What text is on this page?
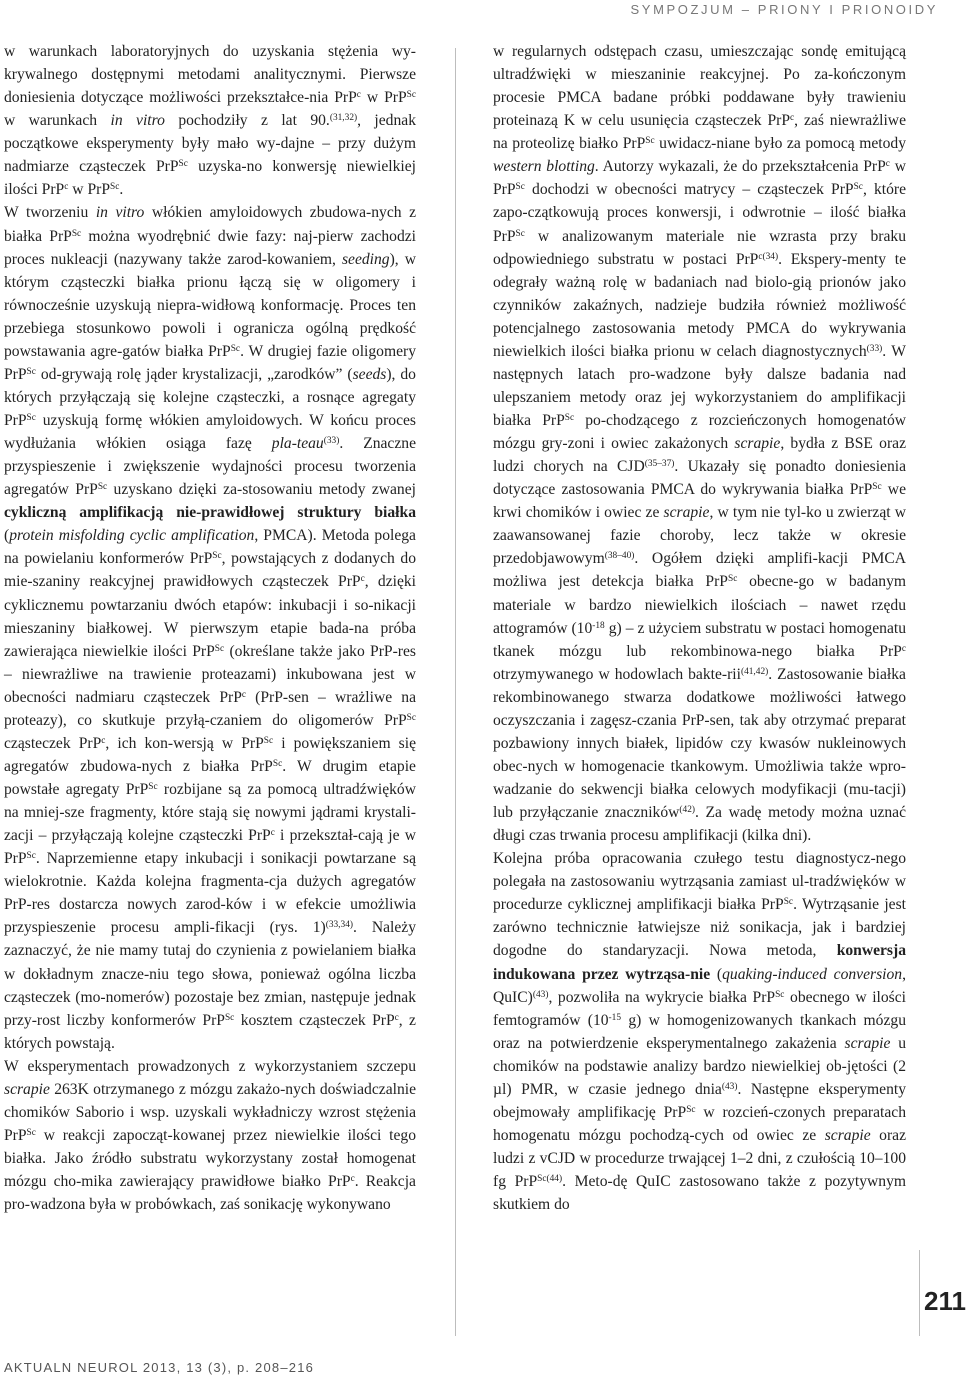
SYMPOZJUM – PRIONY I PRIONOIDY

w warunkach laboratoryjnych do uzyskania stężenia wy-krywalnego dostępnymi metodami analitycznymi. Pierwsze doniesienia dotyczące możliwości przekształce-nia PrP$^c$ w PrP$^{Sc}$ w warunkach in vitro pochodziły z lat 90.$^{(31,32)}$, jednak początkowe eksperymenty były mało wy-dajne – przy dużym nadmiarze cząsteczek PrP$^{Sc}$ uzyska-no konwersję niewielkiej ilości PrP$^c$ w PrP$^{Sc}$.

W tworzeniu in vitro włókien amyloidowych zbudowa-nych z białka PrP$^{Sc}$ można wyodrębnić dwie fazy: naj-pierw zachodzi proces nukleacji (nazywany także zarod-kowaniem, seeding), w którym cząsteczki białka prionu łączą się w oligomery i równocześnie uzyskują niepra-widłową konformację. Proces ten przebiega stosunkowo powoli i ogranicza ogólną prędkość powstawania agre-gatów białka PrP$^{Sc}$. W drugiej fazie oligomery PrP$^{Sc}$ od-grywają rolę jąder krystalizacji, „zarodków” (seeds), do których przyłączają się kolejne cząsteczki, a rosnące agregaty PrP$^{Sc}$ uzyskują formę włókien amyloidowych. W końcu proces wydłużania włókien osiąga fazę pla-teau$^{(33)}$. Znaczne przyspieszenie i zwiększenie wydajności procesu tworzenia agregatów PrP$^{Sc}$ uzyskano dzięki za-stosowaniu metody zwanej cykliczną amplifikacją nie-prawidłowej struktury białka (protein misfolding cyclic amplification, PMCA). Metoda polega na powielaniu konformerów PrP$^{Sc}$, powstających z dodanych do mie-szaniny reakcyjnej prawidłowych cząsteczek PrP$^c$, dzięki cyklicznemu powtarzaniu dwóch etapów: inkubacji i so-nikacji mieszaniny białkowej. W pierwszym etapie bada-na próba zawierająca niewielkie ilości PrP$^{Sc}$ (określane także jako PrP-res – niewrażliwe na trawienie proteazami) inkubowana jest w obecności nadmiaru cząsteczek PrP$^c$ (PrP-sen – wrażliwe na proteazy), co skutkuje przyłą-czaniem do oligomerów PrP$^{Sc}$ cząsteczek PrP$^c$, ich kon-wersją w PrP$^{Sc}$ i powiększaniem się agregatów zbudowa-nych z białka PrP$^{Sc}$. W drugim etapie powstałe agregaty PrP$^{Sc}$ rozbijane są za pomocą ultradźwięków na mniej-sze fragmenty, które stają się nowymi jądrami krystali-zacji – przyłączają kolejne cząsteczki PrP$^c$ i przekształ-cają je w PrP$^{Sc}$. Naprzemienne etapy inkubacji i sonikacji powtarzane są wielokrotnie. Każda kolejna fragmenta-cja dużych agregatów PrP-res dostarcza nowych zarod-ków i w efekcie umożliwia przyspieszenie procesu ampli-fikacji (rys. 1)$^{(33,34)}$. Należy zaznaczyć, że nie mamy tutaj do czynienia z powielaniem białka w dokładnym znacze-niu tego słowa, ponieważ ogólna liczba cząsteczek (mo-nomerów) pozostaje bez zmian, następuje jednak przy-rost liczby konformerów PrP$^{Sc}$ kosztem cząsteczek PrP$^c$, z których powstają.

W eksperymentach prowadzonych z wykorzystaniem szczepu scrapie 263K otrzymanego z mózgu zakażo-nych doświadczalnie chomików Saborio i wsp. uzyskali wykładniczy wzrost stężenia PrP$^{Sc}$ w reakcji zapocząt-kowanej przez niewielkie ilości tego białka. Jako źródło substratu wykorzystany został homogenat mózgu cho-mika zawierający prawidłowe białko PrP$^c$. Reakcja pro-wadzona była w probówkach, zaś sonikację wykonywano

w regularnych odstępach czasu, umieszczając sondę emitującą ultradźwięki w mieszaninie reakcyjnej. Po za-kończonym procesie PMCA badane próbki poddawane były trawieniu proteinazą K w celu usunięcia cząsteczek PrP$^c$, zaś niewrażliwe na proteolizę białko PrP$^{Sc}$ uwidacz-niane było za pomocą metody western blotting. Autorzy wykazali, że do przekształcenia PrP$^c$ w PrP$^{Sc}$ dochodzi w obecności matrycy – cząsteczek PrP$^{Sc}$, które zapo-czątkowują proces konwersji, i odwrotnie – ilość białka PrP$^{Sc}$ w analizowanym materiale nie wzrasta przy braku odpowiedniego substratu w postaci PrP$^{c(34)}$. Ekspery-menty te odegrały ważną rolę w badaniach nad biolo-gią prionów jako czynników zakaźnych, nadzieje budziła również możliwość potencjalnego zastosowania metody PMCA do wykrywania niewielkich ilości białka prionu w celach diagnostycznych$^{(33)}$. W następnych latach pro-wadzone były dalsze badania nad ulepszaniem metody oraz jej wykorzystaniem do amplifikacji białka PrP$^{Sc}$ po-chodzącego z rozcieńczonych homogenatów mózgu gry-zoni i owiec zakażonych scrapie, bydła z BSE oraz ludzi chorych na CJD$^{(35-37)}$. Ukazały się ponadto doniesienia dotyczące zastosowania PMCA do wykrywania białka PrP$^{Sc}$ we krwi chomików i owiec ze scrapie, w tym nie tyl-ko u zwierząt w zaawansowanej fazie choroby, lecz także w okresie przedobjawowym$^{(38-40)}$. Ogółem dzięki amplifi-kacji PMCA możliwa jest detekcja białka PrP$^{Sc}$ obecne-go w badanym materiale w bardzo niewielkich ilościach – nawet rzędu attogramów ($10^{-18}$ g) – z użyciem substratu w postaci homogenatu tkanek mózgu lub rekombinowa-nego białka PrP$^c$ otrzymywanego w hodowlach bakte-rii$^{(41,42)}$. Zastosowanie białka rekombinowanego stwarza dodatkowe możliwości łatwego oczyszczania i zagęsz-czania PrP-sen, tak aby otrzymać preparat pozbawiony innych białek, lipidów czy kwasów nukleinowych obec-nych w homogenacie tkankowym. Umożliwia także wpro-wadzanie do sekwencji białka celowych modyfikacji (mu-tacji) lub przyłączanie znaczników$^{(42)}$. Za wadę metody można uznać długi czas trwania procesu amplifikacji (kilka dni).

Kolejna próba opracowania czułego testu diagnostycz-nego polegała na zastosowaniu wytrząsania zamiast ul-tradźwięków w procedurze cyklicznej amplifikacji białka PrP$^{Sc}$. Wytrząsanie jest zarówno technicznie łatwiejsze niż sonikacja, jak i bardziej dogodne do standaryzacji. Nowa metoda, konwersja indukowana przez wytrząsa-nie (quaking-induced conversion, QuIC)$^{(43)}$, pozwoliła na wykrycie białka PrP$^{Sc}$ obecnego w ilości femtogramów ($10^{-15}$ g) w homogenizowanych tkankach mózgu oraz na potwierdzenie eksperymentalnego zakażenia scrapie u chomików na podstawie analizy bardzo niewielkiej ob-jętości (2 µl) PMR, w czasie jednego dnia$^{(43)}$. Następne eksperymenty obejmowały amplifikację PrP$^{Sc}$ w rozcień-czonych preparatach homogenatu mózgu pochodzą-cych od owiec ze scrapie oraz ludzi z vCJD w procedurze trwającej 1–2 dni, z czułością 10–100 fg PrP$^{Sc(44)}$. Meto-dę QuIC zastosowano także z pozytywnym skutkiem do

211
AKTUALN NEUROL 2013, 13 (3), p. 208–216
